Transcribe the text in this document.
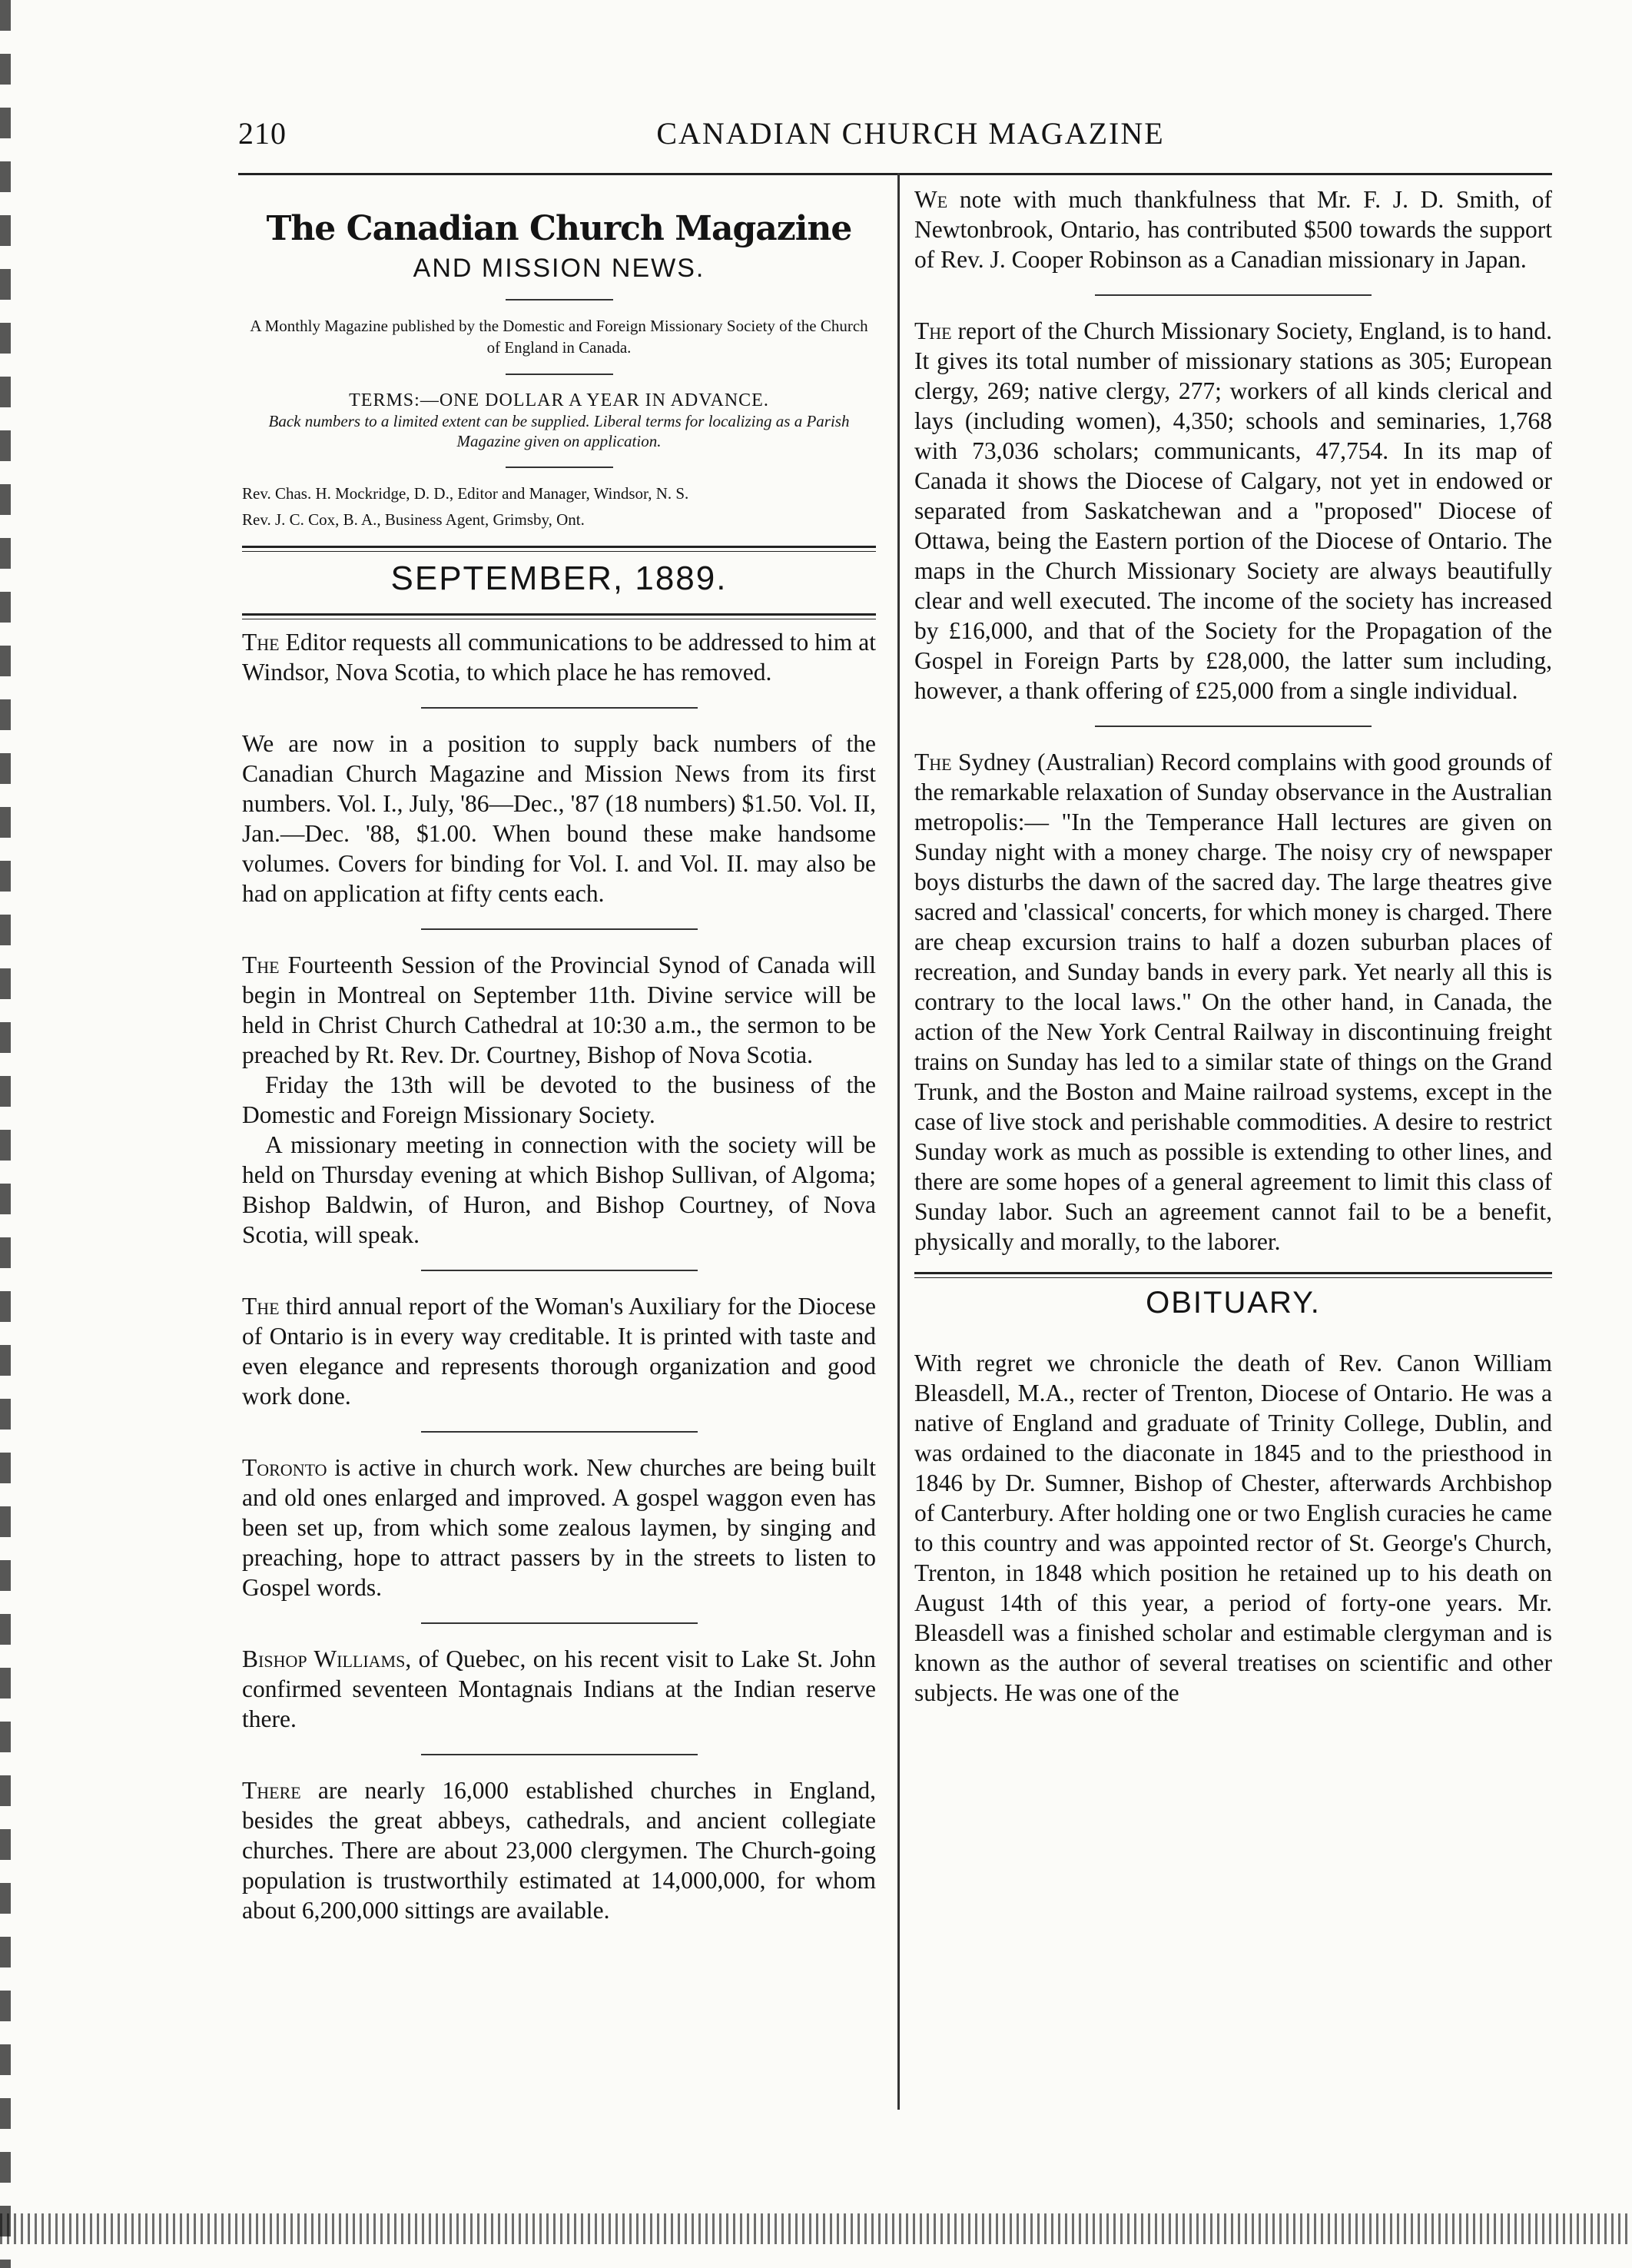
210	CANADIAN CHURCH MAGAZINE
The Canadian Church Magazine
AND MISSION NEWS.
A Monthly Magazine published by the Domestic and Foreign Missionary Society of the Church of England in Canada.
TERMS:—ONE DOLLAR A YEAR IN ADVANCE.
Back numbers to a limited extent can be supplied. Liberal terms for localizing as a Parish Magazine given on application.
Rev. Chas. H. Mockridge, D. D., Editor and Manager, Windsor, N. S.
Rev. J. C. Cox, B. A., Business Agent, Grimsby, Ont.
SEPTEMBER, 1889.

The Editor requests all communications to be addressed to him at Windsor, Nova Scotia, to which place he has removed.

We are now in a position to supply back numbers of the Canadian Church Magazine and Mission News from its first numbers. Vol. I., July, '86—Dec., '87 (18 numbers) $1.50. Vol. II, Jan.—Dec. '88, $1.00. When bound these make handsome volumes. Covers for binding for Vol. I. and Vol. II. may also be had on application at fifty cents each.

The Fourteenth Session of the Provincial Synod of Canada will begin in Montreal on September 11th. Divine service will be held in Christ Church Cathedral at 10:30 a.m., the sermon to be preached by Rt. Rev. Dr. Courtney, Bishop of Nova Scotia.

Friday the 13th will be devoted to the business of the Domestic and Foreign Missionary Society.

A missionary meeting in connection with the society will be held on Thursday evening at which Bishop Sullivan, of Algoma; Bishop Baldwin, of Huron, and Bishop Courtney, of Nova Scotia, will speak.

The third annual report of the Woman's Auxiliary for the Diocese of Ontario is in every way creditable. It is printed with taste and even elegance and represents thorough organization and good work done.

Toronto is active in church work. New churches are being built and old ones enlarged and improved. A gospel waggon even has been set up, from which some zealous laymen, by singing and preaching, hope to attract passers by in the streets to listen to Gospel words.

Bishop Williams, of Quebec, on his recent visit to Lake St. John confirmed seventeen Montagnais Indians at the Indian reserve there.

There are nearly 16,000 established churches in England, besides the great abbeys, cathedrals, and ancient collegiate churches. There are about 23,000 clergymen. The Church-going population is trustworthily estimated at 14,000,000, for whom about 6,200,000 sittings are available.

We note with much thankfulness that Mr. F. J. D. Smith, of Newtonbrook, Ontario, has contributed $500 towards the support of Rev. J. Cooper Robinson as a Canadian missionary in Japan.

The report of the Church Missionary Society, England, is to hand. It gives its total number of missionary stations as 305; European clergy, 269; native clergy, 277; workers of all kinds clerical and lays (including women), 4,350; schools and seminaries, 1,768 with 73,036 scholars; communicants, 47,754. In its map of Canada it shows the Diocese of Calgary, not yet in endowed or separated from Saskatchewan and a "proposed" Diocese of Ottawa, being the Eastern portion of the Diocese of Ontario. The maps in the Church Missionary Society are always beautifully clear and well executed. The income of the society has increased by £16,000, and that of the Society for the Propagation of the Gospel in Foreign Parts by £28,000, the latter sum including, however, a thank offering of £25,000 from a single individual.

The Sydney (Australian) Record complains with good grounds of the remarkable relaxation of Sunday observance in the Australian metropolis:— "In the Temperance Hall lectures are given on Sunday night with a money charge. The noisy cry of newspaper boys disturbs the dawn of the sacred day. The large theatres give sacred and 'classical' concerts, for which money is charged. There are cheap excursion trains to half a dozen suburban places of recreation, and Sunday bands in every park. Yet nearly all this is contrary to the local laws." On the other hand, in Canada, the action of the New York Central Railway in discontinuing freight trains on Sunday has led to a similar state of things on the Grand Trunk, and the Boston and Maine railroad systems, except in the case of live stock and perishable commodities. A desire to restrict Sunday work as much as possible is extending to other lines, and there are some hopes of a general agreement to limit this class of Sunday labor. Such an agreement cannot fail to be a benefit, physically and morally, to the laborer.

OBITUARY.

With regret we chronicle the death of Rev. Canon William Bleasdell, M.A., recter of Trenton, Diocese of Ontario. He was a native of England and graduate of Trinity College, Dublin, and was ordained to the diaconate in 1845 and to the priesthood in 1846 by Dr. Sumner, Bishop of Chester, afterwards Archbishop of Canterbury. After holding one or two English curacies he came to this country and was appointed rector of St. George's Church, Trenton, in 1848 which position he retained up to his death on August 14th of this year, a period of forty-one years. Mr. Bleasdell was a finished scholar and estimable clergyman and is known as the author of several treatises on scientific and other subjects. He was one of the
